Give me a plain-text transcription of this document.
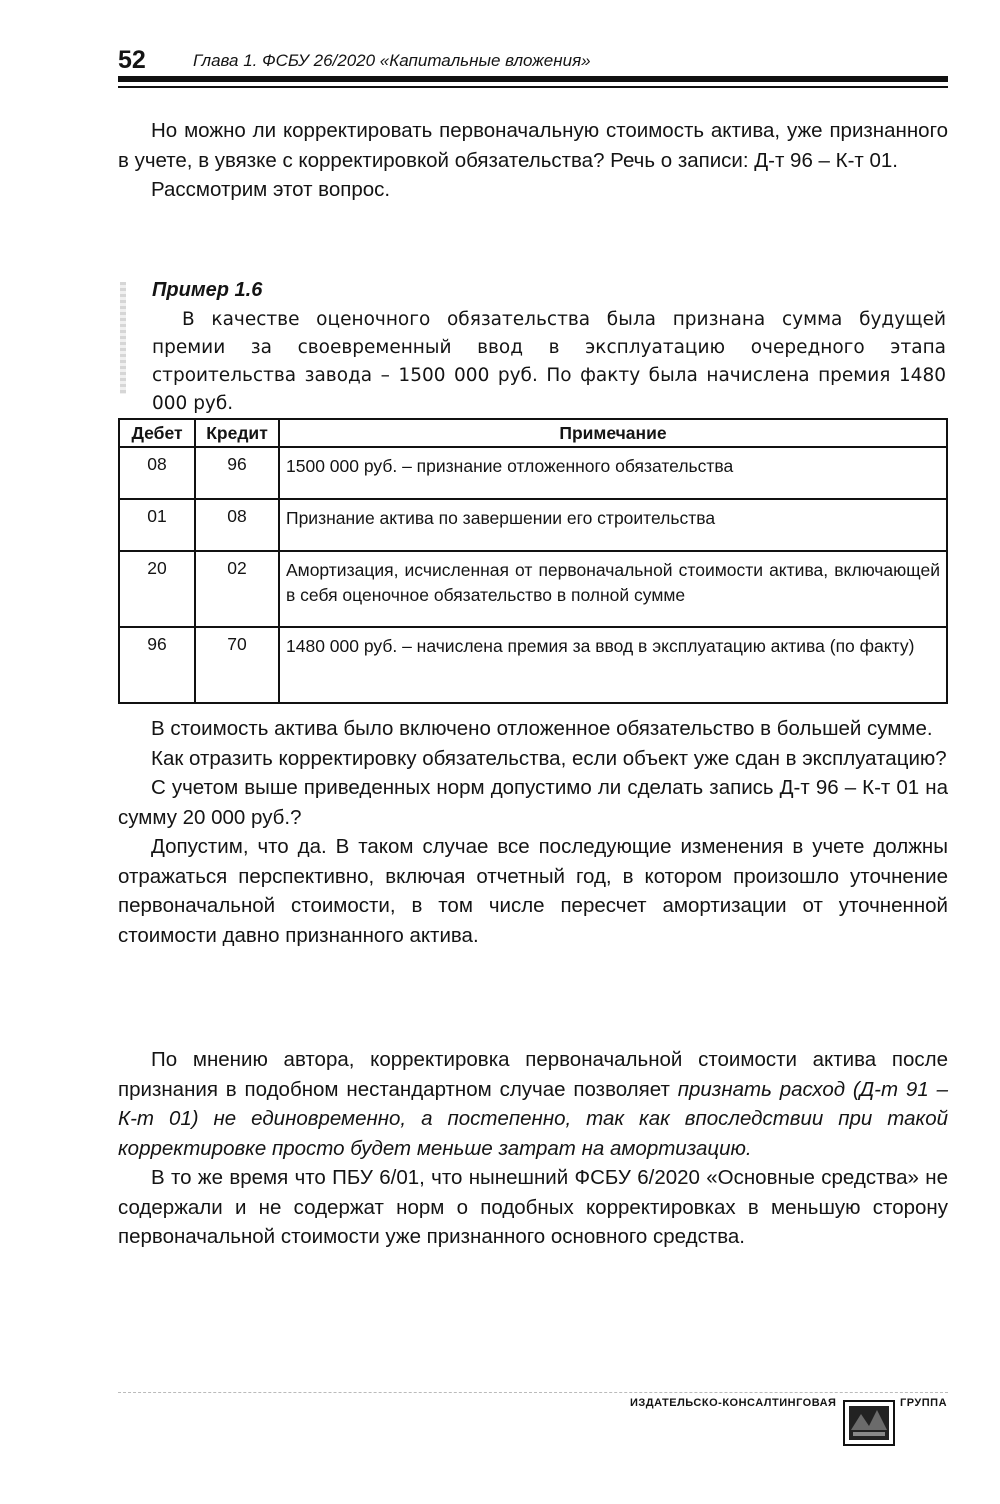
52	Глава 1. ФСБУ 26/2020 «Капитальные вложения»

Но можно ли корректировать первоначальную стоимость актива, уже признанного в учете, в увязке с корректировкой обязательства? Речь о записи: Д-т 96 – К-т 01.

Рассмотрим этот вопрос.

Пример 1.6

В качестве оценочного обязательства была признана сумма будущей премии за своевременный ввод в эксплуатацию очередного этапа строительства завода – 1500 000 руб. По факту была начислена премия 1480 000 руб.

Дебет	Кредит	Примечание
08	96	1500 000 руб. – признание отложенного обязательства
01	08	Признание актива по завершении его строительства
20	02	Амортизация, исчисленная от первоначальной стоимости актива, включающей в себя оценочное обязательство в полной сумме
96	70	1480 000 руб. – начислена премия за ввод в эксплуатацию актива (по факту)

В стоимость актива было включено отложенное обязательство в большей сумме.

Как отразить корректировку обязательства, если объект уже сдан в эксплуатацию?

С учетом выше приведенных норм допустимо ли сделать запись Д-т 96 – К-т 01 на сумму 20 000 руб.?

Допустим, что да. В таком случае все последующие изменения в учете должны отражаться перспективно, включая отчетный год, в котором произошло уточнение первоначальной стоимости, в том числе пересчет амортизации от уточненной стоимости давно признанного актива.

По мнению автора, корректировка первоначальной стоимости актива после признания в подобном нестандартном случае позволяет признать расход (Д-т 91 – К-т 01) не единовременно, а постепенно, так как впоследствии при такой корректировке просто будет меньше затрат на амортизацию.

В то же время что ПБУ 6/01, что нынешний ФСБУ 6/2020 «Основные средства» не содержали и не содержат норм о подобных корректировках в меньшую сторону первоначальной стоимости уже признанного основного средства.

ИЗДАТЕЛЬСКО-КОНСАЛТИНГОВАЯ	ГРУППА
